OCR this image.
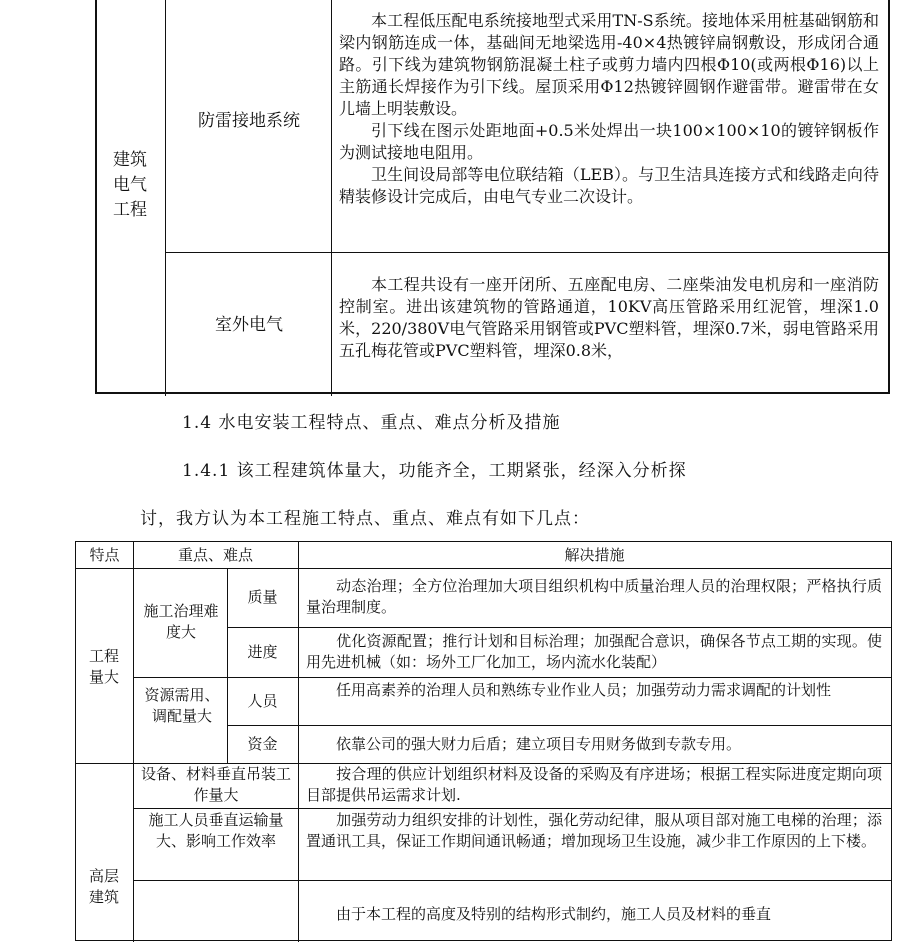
建筑电气工程
防雷接地系统
室外电气

本工程低压配电系统接地型式采用TN-S系统。接地体采用桩基础钢筋和梁内钢筋连成一体，基础间无地梁选用-40×4热镀锌扁钢敷设，形成闭合通路。引下线为建筑物钢筋混凝土柱子或剪力墙内四根Φ10(或两根Φ16)以上主筋通长焊接作为引下线。屋顶采用Φ12热镀锌圆钢作避雷带。避雷带在女儿墙上明装敷设。

引下线在图示处距地面+0.5米处焊出一块100×100×10的镀锌钢板作为测试接地电阻用。

卫生间设局部等电位联结箱（LEB）。与卫生洁具连接方式和线路走向待精装修设计完成后，由电气专业二次设计。

本工程共设有一座开闭所、五座配电房、二座柴油发电机房和一座消防控制室。进出该建筑物的管路通道，10KV高压管路采用红泥管，埋深1.0米，220/380V电气管路采用钢管或PVC塑料管，埋深0.7米，弱电管路采用五孔梅花管或PVC塑料管，埋深0.8米，

1.4 水电安装工程特点、重点、难点分析及措施
1.4.1 该工程建筑体量大，功能齐全，工期紧张，经深入分析探
讨，我方认为本工程施工特点、重点、难点有如下几点：
特点	重点、难点	解决措施
工程量大
施工治理难度大
资源需用、调配量大
质量
进度
人员
资金
动态治理；全方位治理加大项目组织机构中质量治理人员的治理权限；严格执行质量治理制度。
优化资源配置；推行计划和目标治理；加强配合意识，确保各节点工期的实现。使用先进机械（如：场外工厂化加工，场内流水化装配）
任用高素养的治理人员和熟练专业作业人员；加强劳动力需求调配的计划性
依靠公司的强大财力后盾；建立项目专用财务做到专款专用。
高层建筑
设备、材料垂直吊装工作量大
施工人员垂直运输量大、影响工作效率
按合理的供应计划组织材料及设备的采购及有序进场；根据工程实际进度定期向项目部提供吊运需求计划.
加强劳动力组织安排的计划性，强化劳动纪律，服从项目部对施工电梯的治理；添置通讯工具，保证工作期间通讯畅通；增加现场卫生设施，减少非工作原因的上下楼。
由于本工程的高度及特别的结构形式制约，施工人员及材料的垂直
